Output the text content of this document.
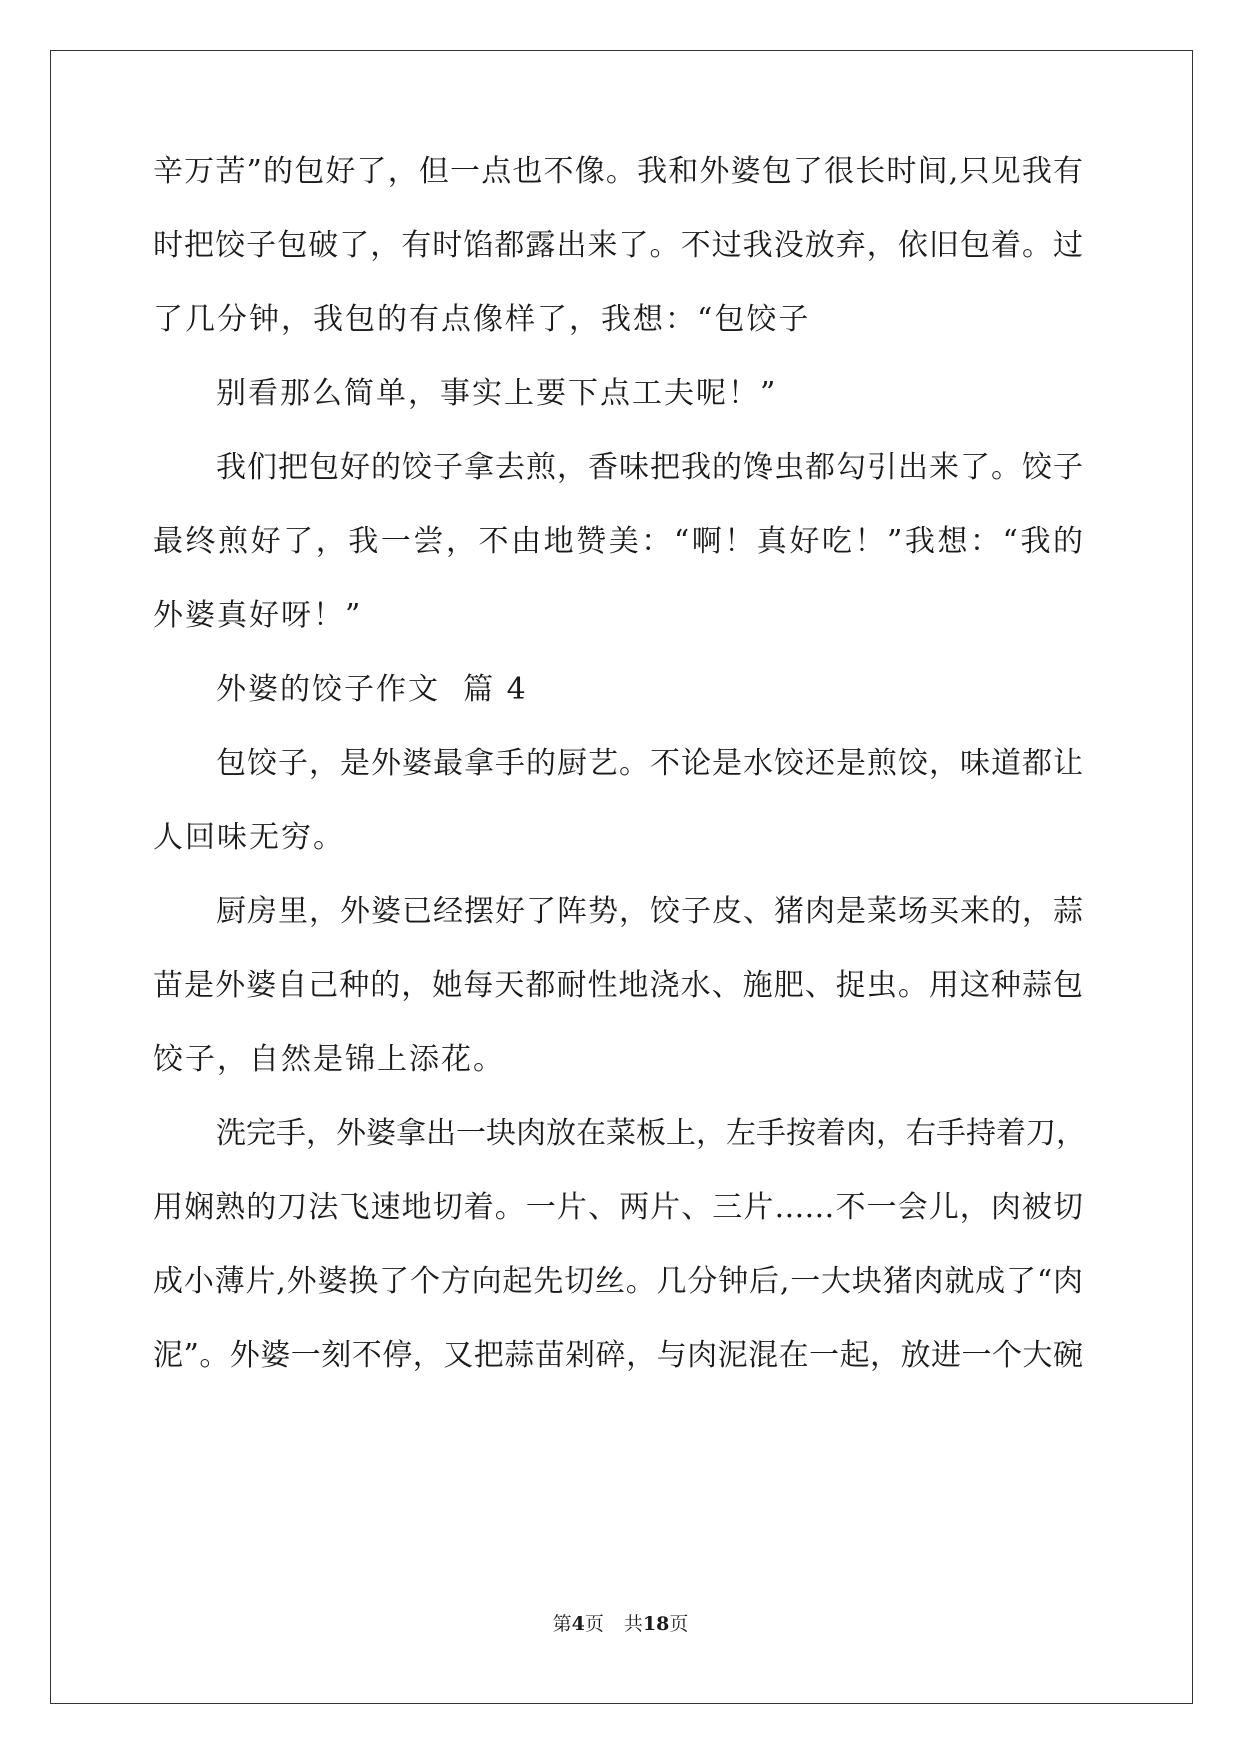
辛万苦”的包好了，但一点也不像。我和外婆包了很长时间,只见我有
时把饺子包破了，有时馅都露出来了。不过我没放弃，依旧包着。过
了几分钟，我包的有点像样了，我想：“包饺子
别看那么简单，事实上要下点工夫呢！”
我们把包好的饺子拿去煎，香味把我的馋虫都勾引出来了。饺子
最终煎好了，我一尝，不由地赞美：“啊！真好吃！”我想：“我的
外婆真好呀！”
外婆的饺子作文  篇 4
包饺子，是外婆最拿手的厨艺。不论是水饺还是煎饺，味道都让
人回味无穷。
厨房里，外婆已经摆好了阵势，饺子皮、猪肉是菜场买来的，蒜
苗是外婆自己种的，她每天都耐性地浇水、施肥、捉虫。用这种蒜包
饺子，自然是锦上添花。
洗完手，外婆拿出一块肉放在菜板上，左手按着肉，右手持着刀，
用娴熟的刀法飞速地切着。一片、两片、三片……不一会儿，肉被切
成小薄片,外婆换了个方向起先切丝。几分钟后,一大块猪肉就成了“肉
泥”。外婆一刻不停，又把蒜苗剁碎，与肉泥混在一起，放进一个大碗
第4页 共18页
